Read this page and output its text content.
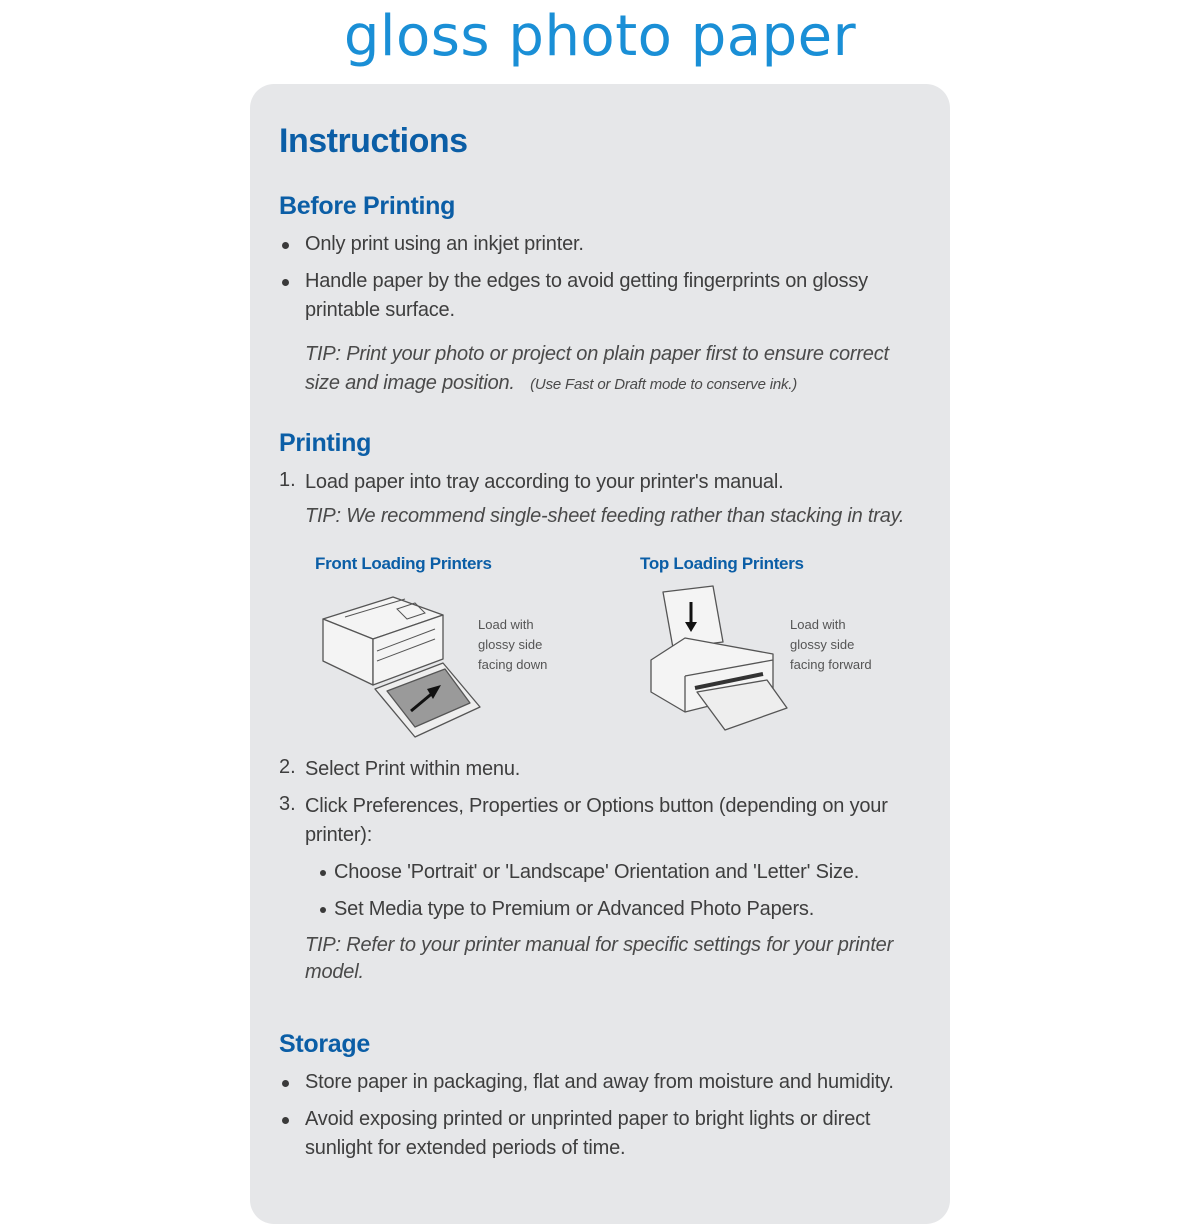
gloss photo paper
Instructions
Before Printing
Only print using an inkjet printer.
Handle paper by the edges to avoid getting fingerprints on glossy
printable surface.
TIP: Print your photo or project on plain paper first to ensure correct
size and image position. (Use Fast or Draft mode to conserve ink.)
Printing
1. Load paper into tray according to your printer's manual.
TIP: We recommend single-sheet feeding rather than stacking in tray.
Front Loading Printers	Top Loading Printers
Load with
glossy side
facing down
Load with
glossy side
facing forward
2. Select Print within menu.
3. Click Preferences, Properties or Options button (depending on your
printer):
Choose 'Portrait' or 'Landscape' Orientation and 'Letter' Size.
Set Media type to Premium or Advanced Photo Papers.
TIP: Refer to your printer manual for specific settings for your printer
model.
Storage
Store paper in packaging, flat and away from moisture and humidity.
Avoid exposing printed or unprinted paper to bright lights or direct
sunlight for extended periods of time.
